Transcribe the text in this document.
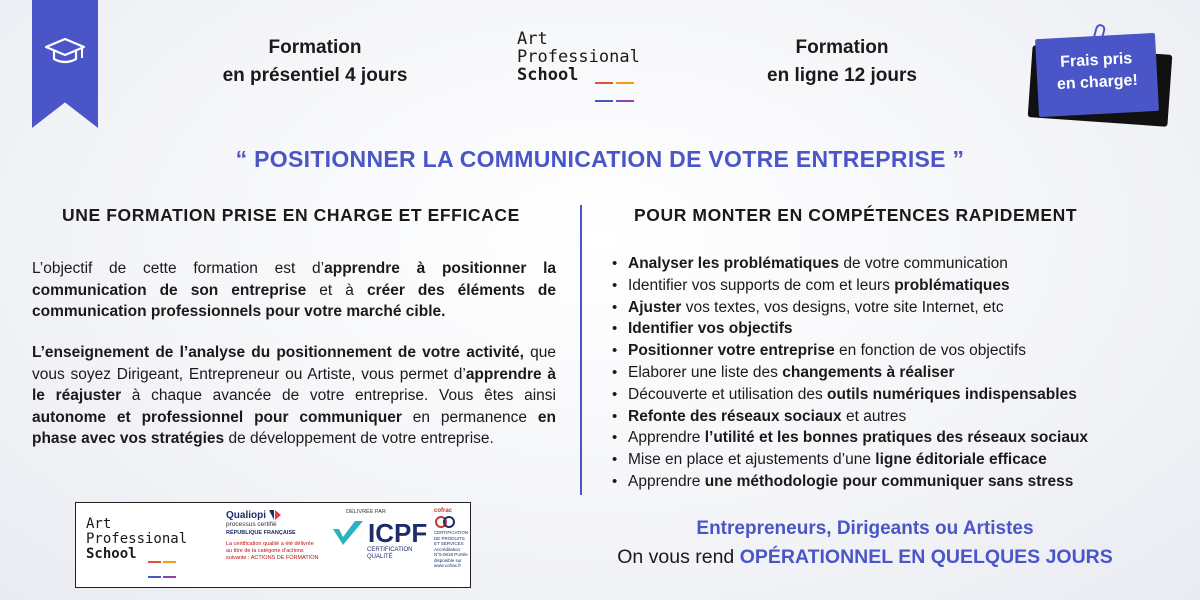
Formation
en présentiel 4 jours
Art
Professional
School
Formation
en ligne 12 jours
Frais pris
en charge!
“ POSITIONNER LA COMMUNICATION DE VOTRE ENTREPRISE ”
UNE FORMATION PRISE EN CHARGE ET EFFICACE	POUR MONTER EN COMPÉTENCES RAPIDEMENT
L’objectif de cette formation est d’apprendre à positionner la communication de son entreprise et à créer des éléments de communication professionnels pour votre marché cible.
L’enseignement de l’analyse du positionnement de votre activité, que vous soyez Dirigeant, Entrepreneur ou Artiste, vous permet d’apprendre à le réajuster à chaque avancée de votre entreprise. Vous êtes ainsi autonome et professionnel pour communiquer en permanence en phase avec vos stratégies de développement de votre entreprise.
• Analyser les problématiques de votre communication
• Identifier vos supports de com et leurs problématiques
• Ajuster vos textes, vos designs, votre site Internet, etc
• Identifier vos objectifs
• Positionner votre entreprise en fonction de vos objectifs
• Elaborer une liste des changements à réaliser
• Découverte et utilisation des outils numériques indispensables
• Refonte des réseaux sociaux et autres
• Apprendre l’utilité et les bonnes pratiques des réseaux sociaux
• Mise en place et ajustements d’une ligne éditoriale efficace
• Apprendre une méthodologie pour communiquer sans stress
Entrepreneurs, Dirigeants ou Artistes
On vous rend OPÉRATIONNEL EN QUELQUES JOURS
Art
Professional
School
Qualiopi
processus certifié
RÉPUBLIQUE FRANÇAISE
La certification qualité a été délivrée au titre de la catégorie d’actions suivante : ACTIONS DE FORMATION
DÉLIVRÉE PAR
ICPF
CERTIFICATION
QUALITÉ
cofrac
CERTIFICATION DE PRODUITS ET SERVICES Accréditation N°5-0618 Portée disponible sur www.cofrac.fr
